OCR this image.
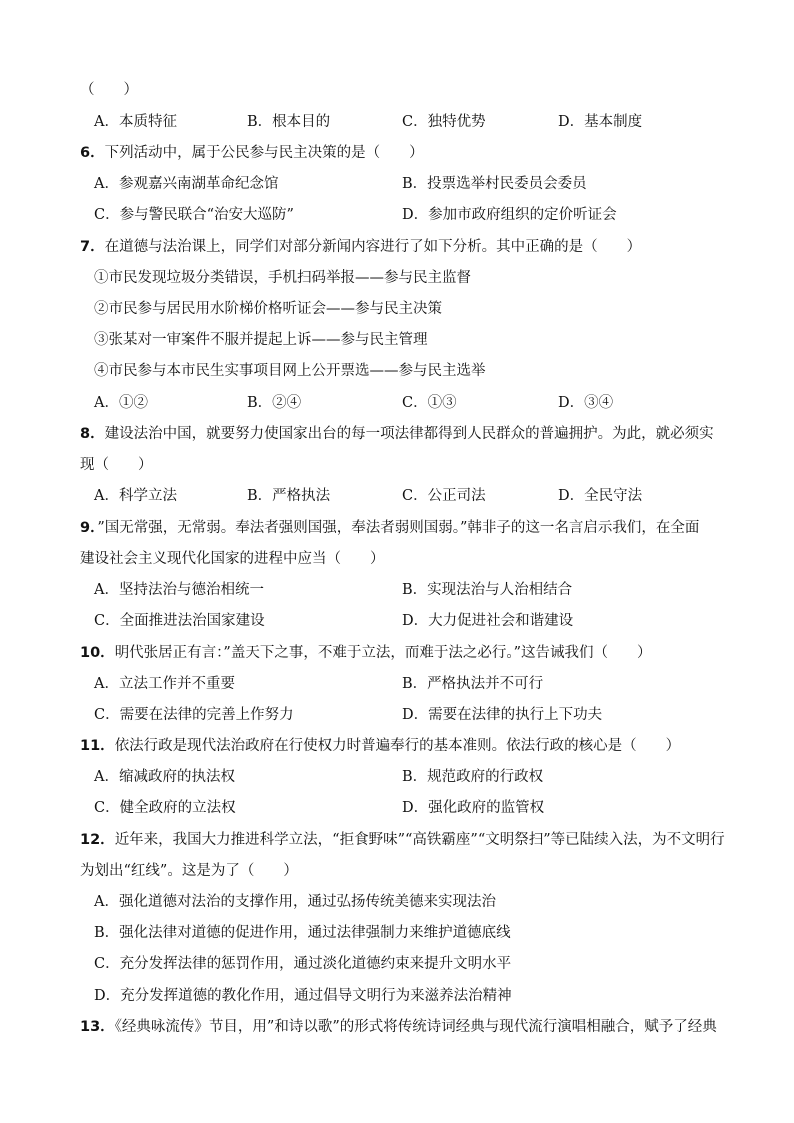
（　　）
A．本质特征	B．根本目的	C．独特优势	D．基本制度
6．下列活动中，属于公民参与民主决策的是（　　）
A．参观嘉兴南湖革命纪念馆	B．投票选举村民委员会委员
C．参与警民联合“治安大巡防”	D．参加市政府组织的定价听证会
7．在道德与法治课上，同学们对部分新闻内容进行了如下分析。其中正确的是（　　）
①市民发现垃圾分类错误，手机扫码举报——参与民主监督
②市民参与居民用水阶梯价格听证会——参与民主决策
③张某对一审案件不服并提起上诉——参与民主管理
④市民参与本市民生实事项目网上公开票选——参与民主选举
A．①②	B．②④	C．①③	D．③④
8．建设法治中国，就要努力使国家出台的每一项法律都得到人民群众的普遍拥护。为此，就必须实
现（　　）
A．科学立法	B．严格执法	C．公正司法	D．全民守法
9．”国无常强，无常弱。奉法者强则国强，奉法者弱则国弱。”韩非子的这一名言启示我们，在全面
建设社会主义现代化国家的进程中应当（　　）
A．坚持法治与德治相统一	B．实现法治与人治相结合
C．全面推进法治国家建设	D．大力促进社会和谐建设
10．明代张居正有言：”盖天下之事，不难于立法，而难于法之必行。”这告诫我们（　　）
A．立法工作并不重要	B．严格执法并不可行
C．需要在法律的完善上作努力	D．需要在法律的执行上下功夫
11．依法行政是现代法治政府在行使权力时普遍奉行的基本准则。依法行政的核心是（　　）
A．缩减政府的执法权	B．规范政府的行政权
C．健全政府的立法权	D．强化政府的监管权
12．近年来，我国大力推进科学立法，“拒食野味”“高铁霸座”“文明祭扫”等已陆续入法，为不文明行
为划出“红线”。这是为了（　　）
A．强化道德对法治的支撑作用，通过弘扬传统美德来实现法治
B．强化法律对道德的促进作用，通过法律强制力来维护道德底线
C．充分发挥法律的惩罚作用，通过淡化道德约束来提升文明水平
D．充分发挥道德的教化作用，通过倡导文明行为来滋养法治精神
13．《经典咏流传》节目，用”和诗以歌”的形式将传统诗词经典与现代流行演唱相融合，赋予了经典
